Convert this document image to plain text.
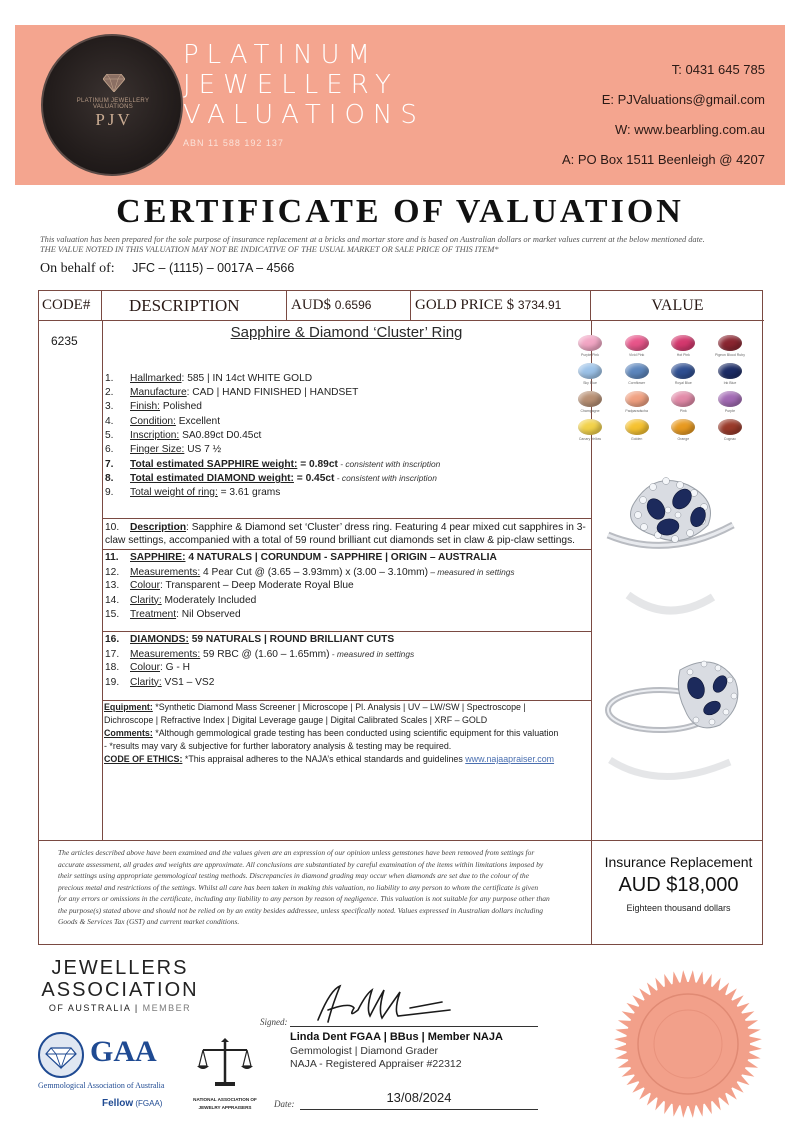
PLATINUM JEWELLERY VALUATIONS
PJV
PLATINUM
JEWELLERY
VALUATIONS
ABN 11 588 192 137
T: 0431 645 785
E: PJValuations@gmail.com
W: www.bearbling.com.au
A: PO Box 1511 Beenleigh @ 4207
CERTIFICATE OF VALUATION
This valuation has been prepared for the sole purpose of insurance replacement at a bricks and mortar store and is based on Australian dollars or market values current at the below mentioned date.
THE VALUE NOTED IN THIS VALUATION MAY NOT BE INDICATIVE OF THE USUAL MARKET OR SALE PRICE OF THIS ITEM*
On behalf of: JFC – (1115) – 0017A – 4566
CODE#	DESCRIPTION	AUD$ 0.6596	GOLD PRICE $ 3734.91	VALUE
6235	Sapphire & Diamond ‘Cluster’ Ring
1. Hallmarked: 585 | IN 14ct WHITE GOLD
2. Manufacture: CAD | HAND FINISHED | HANDSET
3. Finish: Polished
4. Condition: Excellent
5. Inscription: SA0.89ct D0.45ct
6. Finger Size: US 7 ½
7. Total estimated SAPPHIRE weight: = 0.89ct - consistent with inscription
8. Total estimated DIAMOND weight: = 0.45ct - consistent with inscription
9. Total weight of ring: = 3.61 grams
10. Description: Sapphire & Diamond set ‘Cluster’ dress ring. Featuring 4 pear mixed cut sapphires in 3-
claw settings, accompanied with a total of 59 round brilliant cut diamonds set in claw & pip-claw settings.
11. SAPPHIRE: 4 NATURALS | CORUNDUM - SAPPHIRE | ORIGIN – AUSTRALIA
12. Measurements: 4 Pear Cut @ (3.65 – 3.93mm) x (3.00 – 3.10mm) – measured in settings
13. Colour: Transparent – Deep Moderate Royal Blue
14. Clarity: Moderately Included
15. Treatment: Nil Observed
16. DIAMONDS: 59 NATURALS | ROUND BRILLIANT CUTS
17. Measurements: 59 RBC @ (1.60 – 1.65mm) - measured in settings
18. Colour: G - H
19. Clarity: VS1 – VS2
Equipment: *Synthetic Diamond Mass Screener | Microscope | Pl. Analysis | UV – LW/SW | Spectroscope |
Dichroscope | Refractive Index | Digital Leverage gauge | Digital Calibrated Scales | XRF – GOLD
Comments: *Although gemmological grade testing has been conducted using scientific equipment for this valuation
- *results may vary & subjective for further laboratory analysis & testing may be required.
CODE OF ETHICS: *This appraisal adheres to the NAJA’s ethical standards and guidelines www.najaapraiser.com
Purple Pink	Vivid Pink	Hot Pink	Pigeon Blood Ruby
Sky Blue	Cornflower	Royal Blue	Ink Blue
Champagne	Padparadscha	Pink	Purple
Canary Yellow	Golden	Orange	Cognac
The articles described above have been examined and the values given are an expression of our opinion unless gemstones have been removed from settings for
accurate assessment, all grades and weights are approximate. All conclusions are substantiated by careful examination of the items within limitations imposed by
their settings using appropriate gemmological testing methods. Discrepancies in diamond grading may occur when diamonds are set due to the colour of the
precious metal and restrictions of the settings. Whilst all care has been taken in making this valuation, no liability to any person to whom the certificate is given
for any errors or omissions in the certificate, including any liability to any person by reason of negligence. This valuation is not suitable for any purpose other than
the purpose(s) stated above and should not be relied on by an entity besides addressee, unless specifically noted. Values expressed in Australian dollars including
Goods & Services Tax (GST) and current market conditions.
Insurance Replacement
AUD $18,000
Eighteen thousand dollars
JEWELLERS
ASSOCIATION
OF AUSTRALIA | MEMBER
GAA
Gemmological Association of Australia
Fellow (FGAA)	NATIONAL ASSOCIATION OF
JEWELRY APPRAISERS
Signed:
Linda Dent FGAA | BBus | Member NAJA
Gemmologist | Diamond Grader
NAJA - Registered Appraiser #22312
Date:	13/08/2024
